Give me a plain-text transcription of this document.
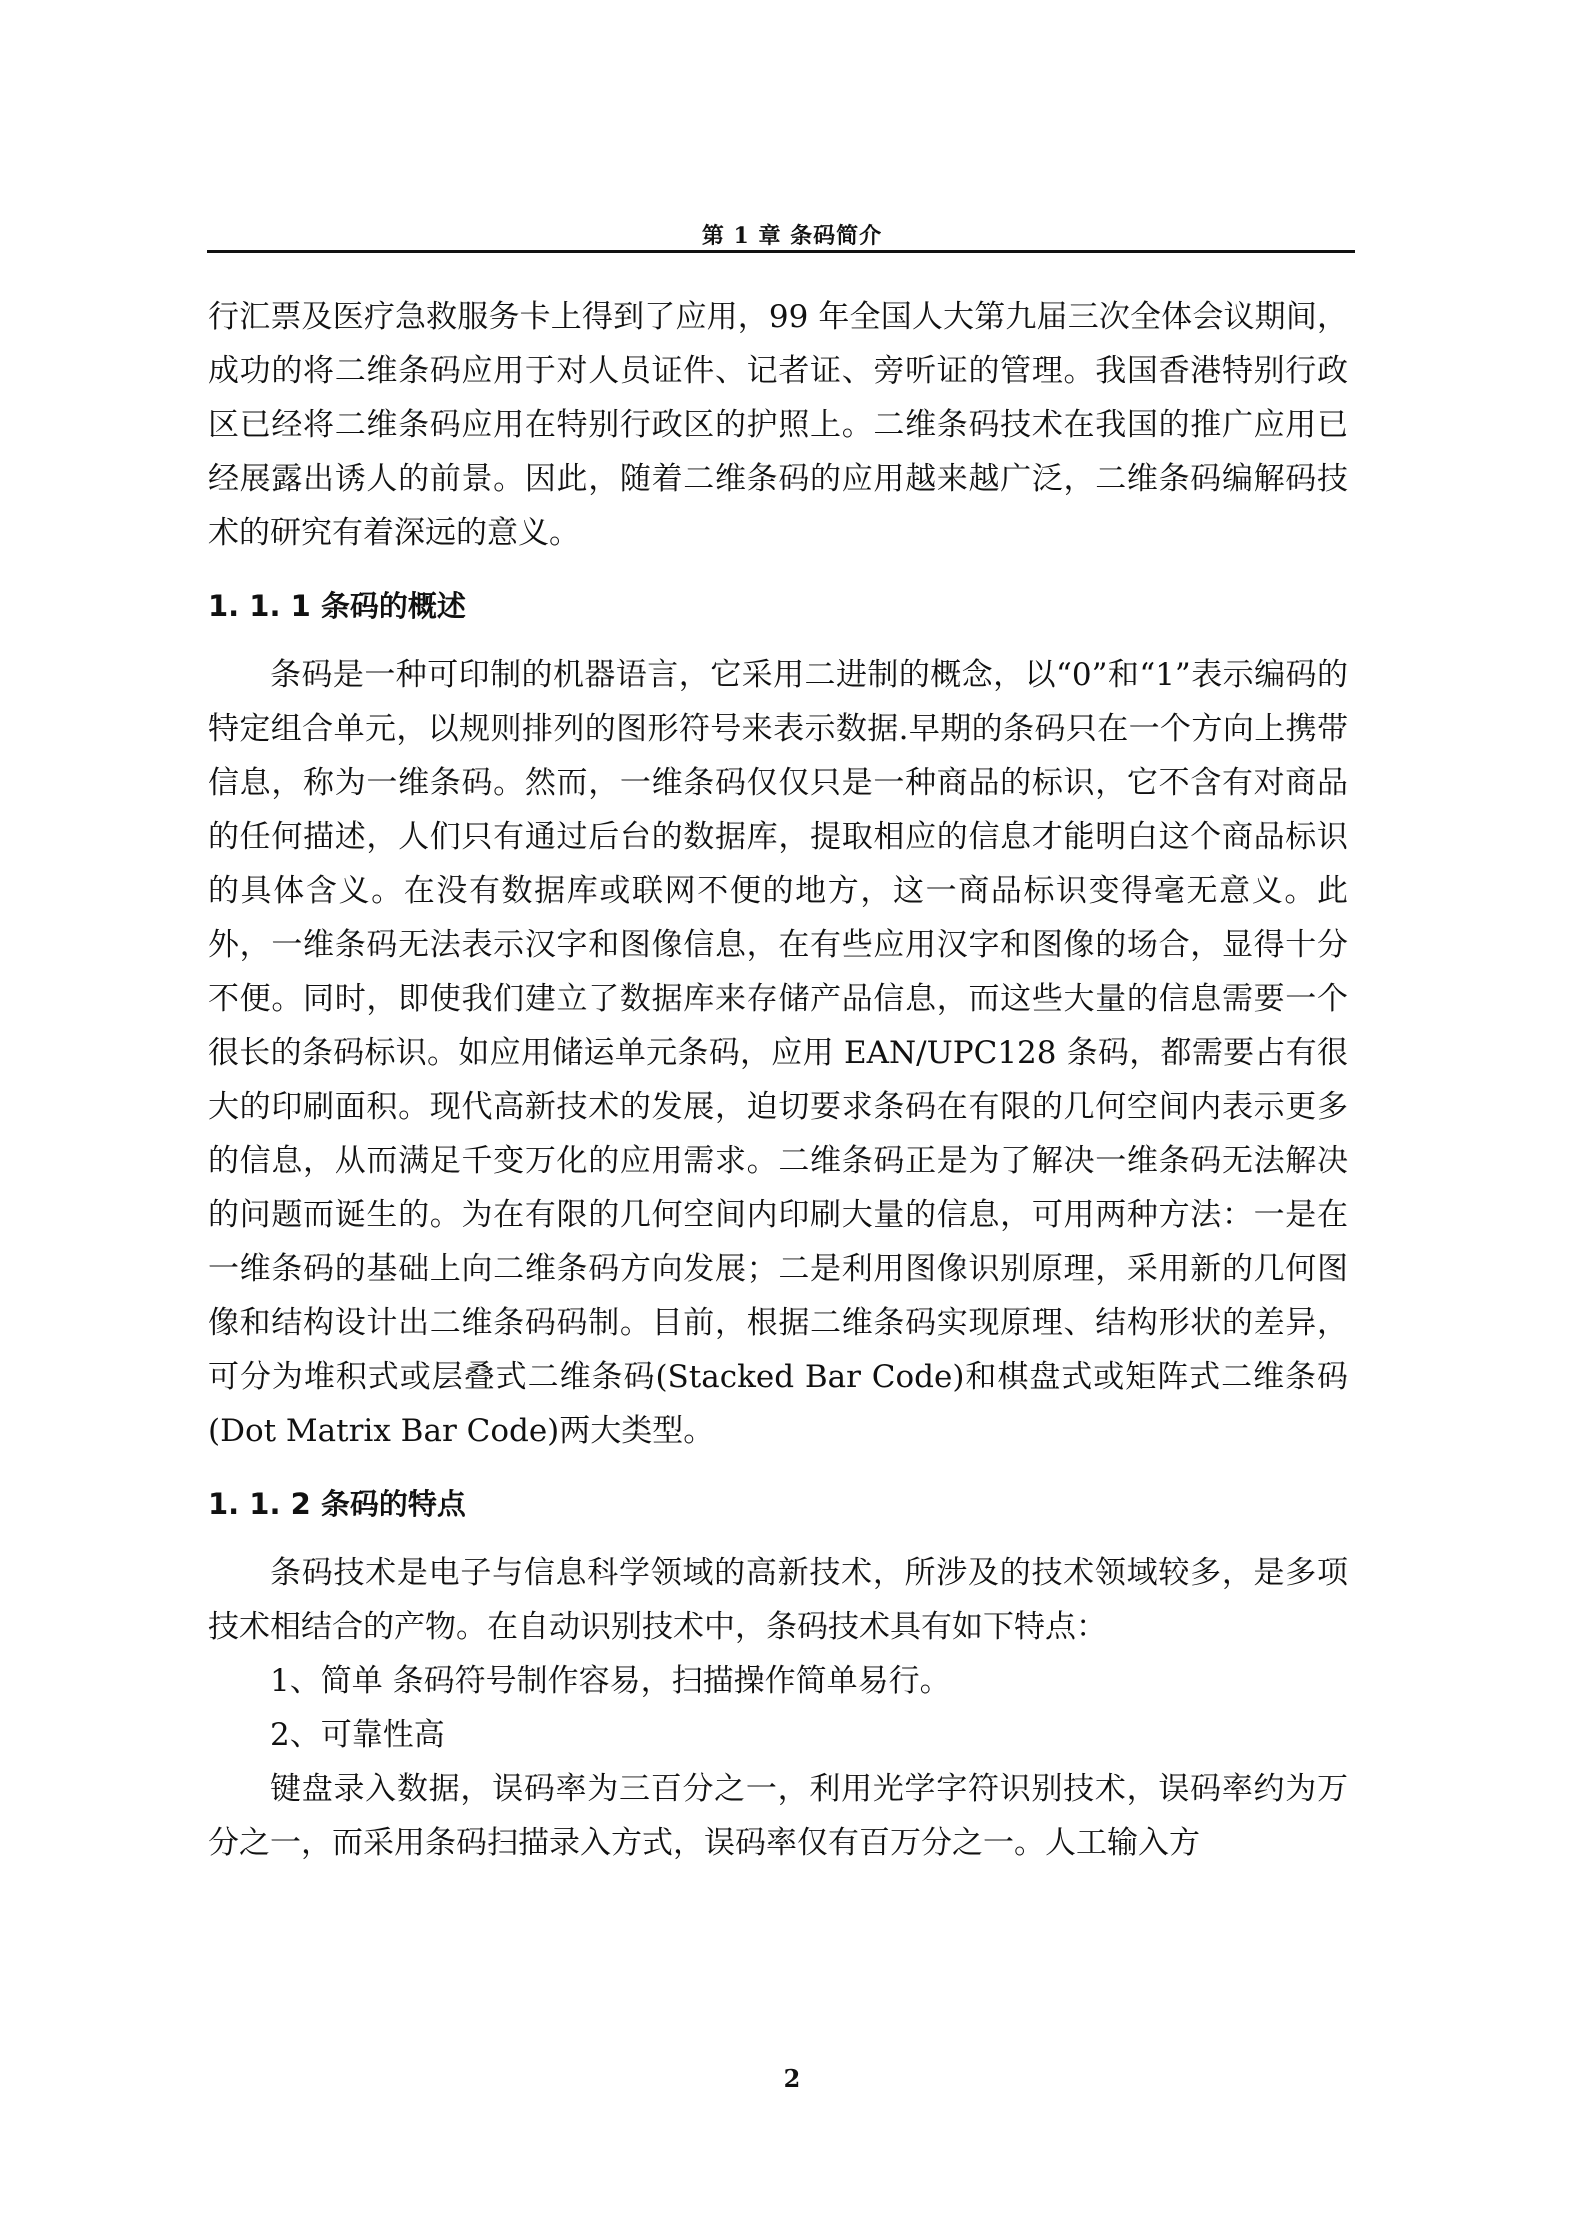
第 1 章 条码简介

行汇票及医疗急救服务卡上得到了应用，99 年全国人大第九届三次全体会议期间，成功的将二维条码应用于对人员证件、记者证、旁听证的管理。我国香港特别行政区已经将二维条码应用在特别行政区的护照上。二维条码技术在我国的推广应用已经展露出诱人的前景。因此，随着二维条码的应用越来越广泛，二维条码编解码技术的研究有着深远的意义。

1. 1. 1 条码的概述

条码是一种可印制的机器语言，它采用二进制的概念，以“0”和“1”表示编码的特定组合单元，以规则排列的图形符号来表示数据.早期的条码只在一个方向上携带信息，称为一维条码。然而，一维条码仅仅只是一种商品的标识，它不含有对商品的任何描述，人们只有通过后台的数据库，提取相应的信息才能明白这个商品标识的具体含义。在没有数据库或联网不便的地方，这一商品标识变得毫无意义。此外，一维条码无法表示汉字和图像信息，在有些应用汉字和图像的场合，显得十分不便。同时，即使我们建立了数据库来存储产品信息，而这些大量的信息需要一个很长的条码标识。如应用储运单元条码，应用 EAN/UPC128 条码，都需要占有很大的印刷面积。现代高新技术的发展，迫切要求条码在有限的几何空间内表示更多的信息，从而满足千变万化的应用需求。二维条码正是为了解决一维条码无法解决的问题而诞生的。为在有限的几何空间内印刷大量的信息，可用两种方法：一是在一维条码的基础上向二维条码方向发展；二是利用图像识别原理，采用新的几何图像和结构设计出二维条码码制。目前，根据二维条码实现原理、结构形状的差异，可分为堆积式或层叠式二维条码(Stacked Bar Code)和棋盘式或矩阵式二维条码(Dot Matrix Bar Code)两大类型。

1. 1. 2 条码的特点

条码技术是电子与信息科学领域的高新技术，所涉及的技术领域较多，是多项技术相结合的产物。在自动识别技术中，条码技术具有如下特点：

1、简单 条码符号制作容易，扫描操作简单易行。

2、可靠性高

键盘录入数据，误码率为三百分之一，利用光学字符识别技术，误码率约为万分之一，而采用条码扫描录入方式，误码率仅有百万分之一。人工输入方

2
